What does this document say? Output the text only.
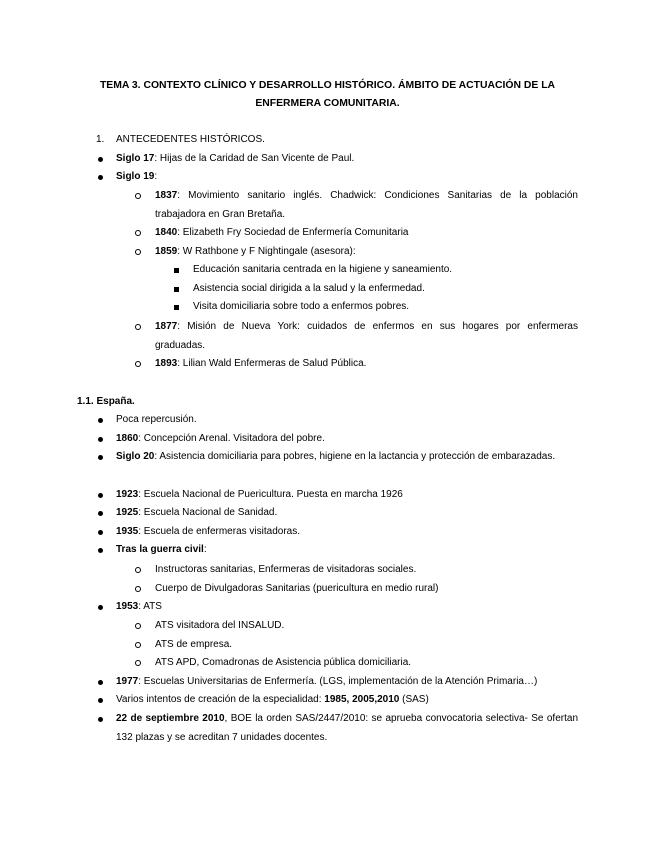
TEMA 3. CONTEXTO CLÍNICO Y DESARROLLO HISTÓRICO. ÁMBITO DE ACTUACIÓN DE LA ENFERMERA COMUNITARIA.
1. ANTECEDENTES HISTÓRICOS.
Siglo 17: Hijas de la Caridad de San Vicente de Paul.
Siglo 19:
1837: Movimiento sanitario inglés. Chadwick: Condiciones Sanitarias de la población trabajadora en Gran Bretaña.
1840: Elizabeth Fry Sociedad de Enfermería Comunitaria
1859: W Rathbone y F Nightingale (asesora):
Educación sanitaria centrada en la higiene y saneamiento.
Asistencia social dirigida a la salud y la enfermedad.
Visita domiciliaria sobre todo a enfermos pobres.
1877: Misión de Nueva York: cuidados de enfermos en sus hogares por enfermeras graduadas.
1893: Lilian Wald Enfermeras de Salud Pública.
1.1. España.
Poca repercusión.
1860: Concepción Arenal. Visitadora del pobre.
Siglo 20: Asistencia domiciliaria para pobres, higiene en la lactancia y protección de embarazadas.
1923: Escuela Nacional de Puericultura. Puesta en marcha 1926
1925: Escuela Nacional de Sanidad.
1935: Escuela de enfermeras visitadoras.
Tras la guerra civil:
Instructoras sanitarias, Enfermeras de visitadoras sociales.
Cuerpo de Divulgadoras Sanitarias (puericultura en medio rural)
1953: ATS
ATS visitadora del INSALUD.
ATS de empresa.
ATS APD, Comadronas de Asistencia pública domiciliaria.
1977: Escuelas Universitarias de Enfermería. (LGS, implementación de la Atención Primaria…)
Varios intentos de creación de la especialidad: 1985, 2005,2010 (SAS)
22 de septiembre 2010, BOE la orden SAS/2447/2010: se aprueba convocatoria selectiva- Se ofertan 132 plazas y se acreditan 7 unidades docentes.
